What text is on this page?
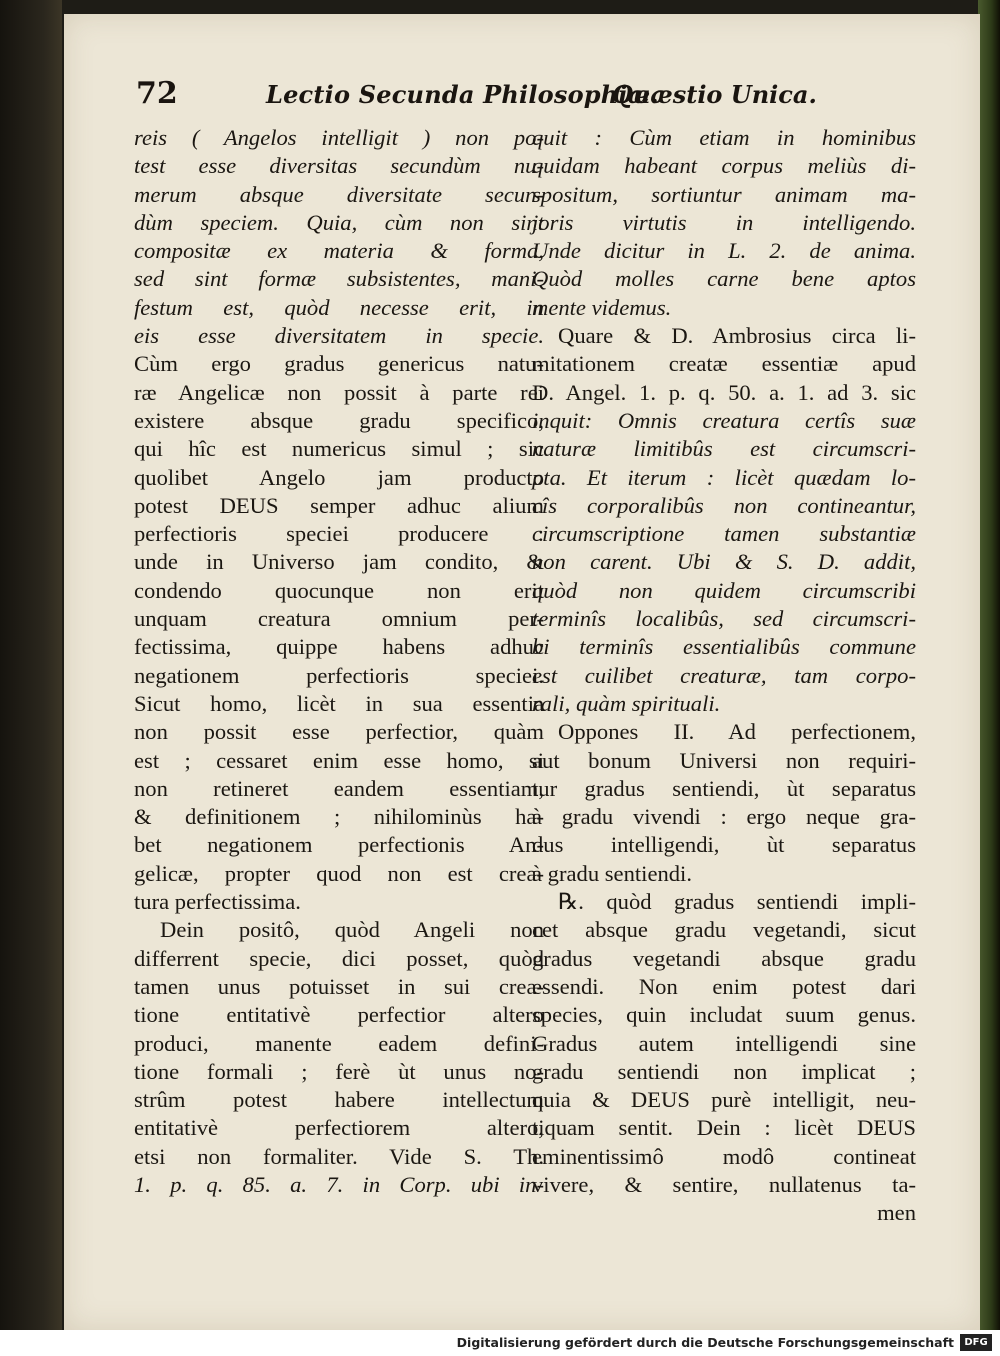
72	Lectio Secunda Philosophiæ.
Quæstio Unica.
reis ( Angelos intelligit ) non po-
test esse diversitas secundùm nu-
merum absque diversitate secun-
dùm speciem. Quia, cùm non sint
compositæ ex materia & forma,
sed sint formæ subsistentes, mani-
festum est, quòd necesse erit, in
eis esse diversitatem in specie.
Cùm ergo gradus genericus natu-
ræ Angelicæ non possit à parte rei
existere absque gradu specifico,
qui hîc est numericus simul ; sic
quolibet Angelo jam producto
potest DEUS semper adhuc alium
perfectioris speciei producere :
unde in Universo jam condito, &
condendo quocunque non erit
unquam creatura omnium per-
fectissima, quippe habens adhuc
negationem perfectioris speciei.
Sicut homo, licèt in sua essentia
non possit esse perfectior, quàm
est ; cessaret enim esse homo, si
non retineret eandem essentiam,
& definitionem ; nihilominùs ha-
bet negationem perfectionis An-
gelicæ, propter quod non est crea-
tura perfectissima.
Dein positô, quòd Angeli non
differrent specie, dici posset, quòd
tamen unus potuisset in sui crea-
tione entitativè perfectior altero
produci, manente eadem defini-
tione formali ; ferè ùt unus no-
strûm potest habere intellectum
entitativè perfectiorem altero,
etsi non formaliter. Vide S. Th.
1. p. q. 85. a. 7. in Corp. ubi in-
quit : Cùm etiam in hominibus
quidam habeant corpus meliùs di-
spositum, sortiuntur animam ma-
joris virtutis in intelligendo.
Unde dicitur in L. 2. de anima.
Quòd molles carne bene aptos
mente videmus.
Quare & D. Ambrosius circa li-
mitationem creatæ essentiæ apud
D. Angel. 1. p. q. 50. a. 1. ad 3. sic
inquit: Omnis creatura certîs suæ
naturæ limitibûs est circumscri-
pta. Et iterum : licèt quædam lo-
cîs corporalibûs non contineantur,
circumscriptione tamen substantiæ
non carent. Ubi & S. D. addit,
quòd non quidem circumscribi
terminîs localibûs, sed circumscri-
bi terminîs essentialibûs commune
est cuilibet creaturæ, tam corpo-
rali, quàm spirituali.
Oppones II. Ad perfectionem,
aut bonum Universi non requiri-
tur gradus sentiendi, ùt separatus
à gradu vivendi : ergo neque gra-
dus intelligendi, ùt separatus
à gradu sentiendi.
℞. quòd gradus sentiendi impli-
cet absque gradu vegetandi, sicut
gradus vegetandi absque gradu
essendi. Non enim potest dari
species, quin includat suum genus.
Gradus autem intelligendi sine
gradu sentiendi non implicat ;
quia & DEUS purè intelligit, neu-
tiquam sentit. Dein : licèt DEUS
eminentissimô modô contineat
vivere, & sentire, nullatenus ta-
men
Digitalisierung gefördert durch die Deutsche Forschungsgemeinschaft	DFG
